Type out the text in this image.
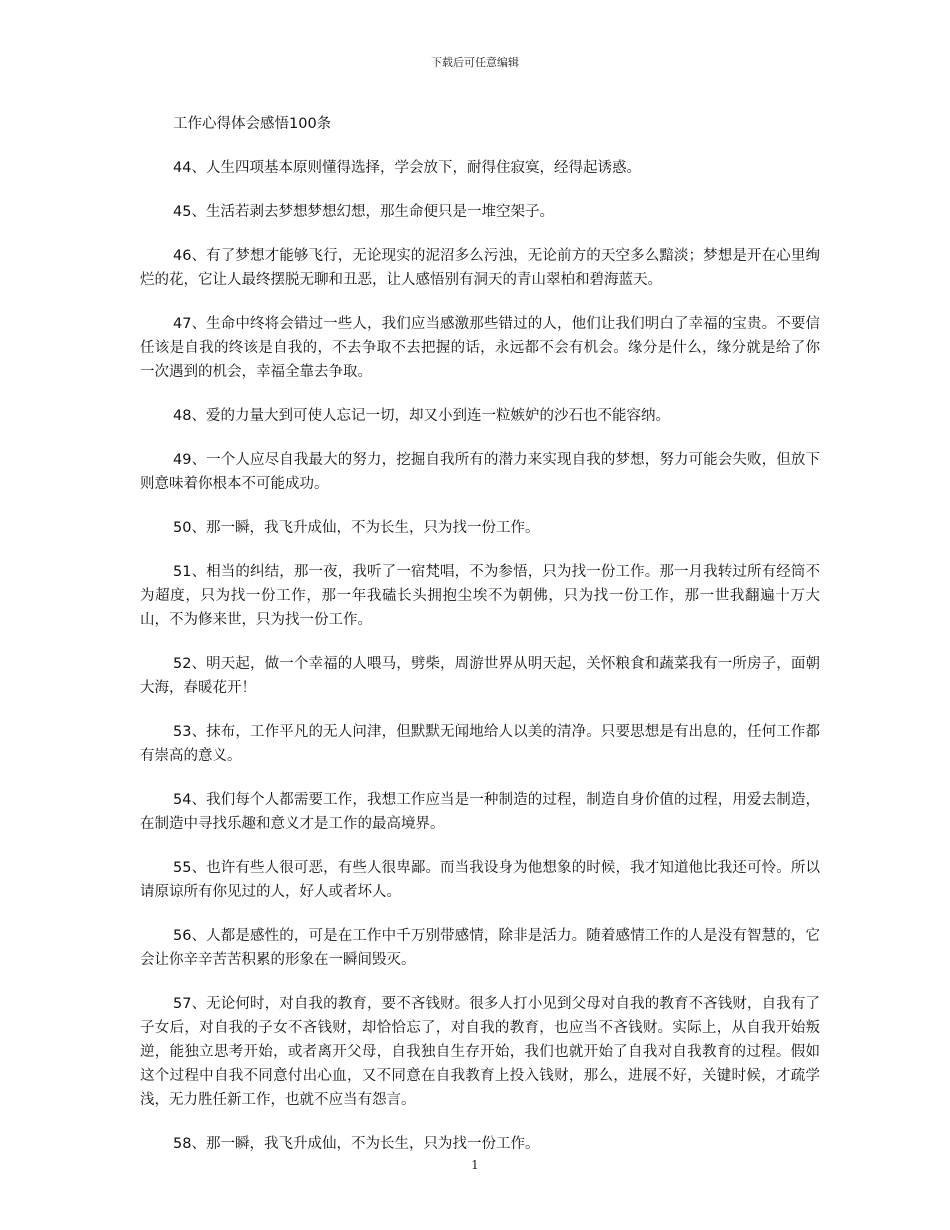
下载后可任意编辑

工作心得体会感悟100条

44、人生四项基本原则懂得选择，学会放下，耐得住寂寞，经得起诱惑。

45、生活若剥去梦想梦想幻想，那生命便只是一堆空架子。

46、有了梦想才能够飞行，无论现实的泥沼多么污浊，无论前方的天空多么黯淡；梦想是开在心里绚烂的花，它让人最终摆脱无聊和丑恶，让人感悟别有洞天的青山翠柏和碧海蓝天。

47、生命中终将会错过一些人，我们应当感激那些错过的人，他们让我们明白了幸福的宝贵。不要信任该是自我的终该是自我的，不去争取不去把握的话，永远都不会有机会。缘分是什么，缘分就是给了你一次遇到的机会，幸福全靠去争取。

48、爱的力量大到可使人忘记一切，却又小到连一粒嫉妒的沙石也不能容纳。

49、一个人应尽自我最大的努力，挖掘自我所有的潜力来实现自我的梦想，努力可能会失败，但放下则意味着你根本不可能成功。

50、那一瞬，我飞升成仙，不为长生，只为找一份工作。

51、相当的纠结，那一夜，我听了一宿梵唱，不为参悟，只为找一份工作。那一月我转过所有经筒不为超度，只为找一份工作，那一年我磕长头拥抱尘埃不为朝佛，只为找一份工作，那一世我翻遍十万大山，不为修来世，只为找一份工作。

52、明天起，做一个幸福的人喂马，劈柴，周游世界从明天起，关怀粮食和蔬菜我有一所房子，面朝大海，春暖花开！

53、抹布，工作平凡的无人问津，但默默无闻地给人以美的清净。只要思想是有出息的，任何工作都有崇高的意义。

54、我们每个人都需要工作，我想工作应当是一种制造的过程，制造自身价值的过程，用爱去制造，在制造中寻找乐趣和意义才是工作的最高境界。

55、也许有些人很可恶，有些人很卑鄙。而当我设身为他想象的时候，我才知道他比我还可怜。所以请原谅所有你见过的人，好人或者坏人。

56、人都是感性的，可是在工作中千万别带感情，除非是活力。随着感情工作的人是没有智慧的，它会让你辛辛苦苦积累的形象在一瞬间毁灭。

57、无论何时，对自我的教育，要不吝钱财。很多人打小见到父母对自我的教育不吝钱财，自我有了子女后，对自我的子女不吝钱财，却恰恰忘了，对自我的教育，也应当不吝钱财。实际上，从自我开始叛逆，能独立思考开始，或者离开父母，自我独自生存开始，我们也就开始了自我对自我教育的过程。假如这个过程中自我不同意付出心血，又不同意在自我教育上投入钱财，那么，进展不好，关键时候，才疏学浅，无力胜任新工作，也就不应当有怨言。

58、那一瞬，我飞升成仙，不为长生，只为找一份工作。

1
